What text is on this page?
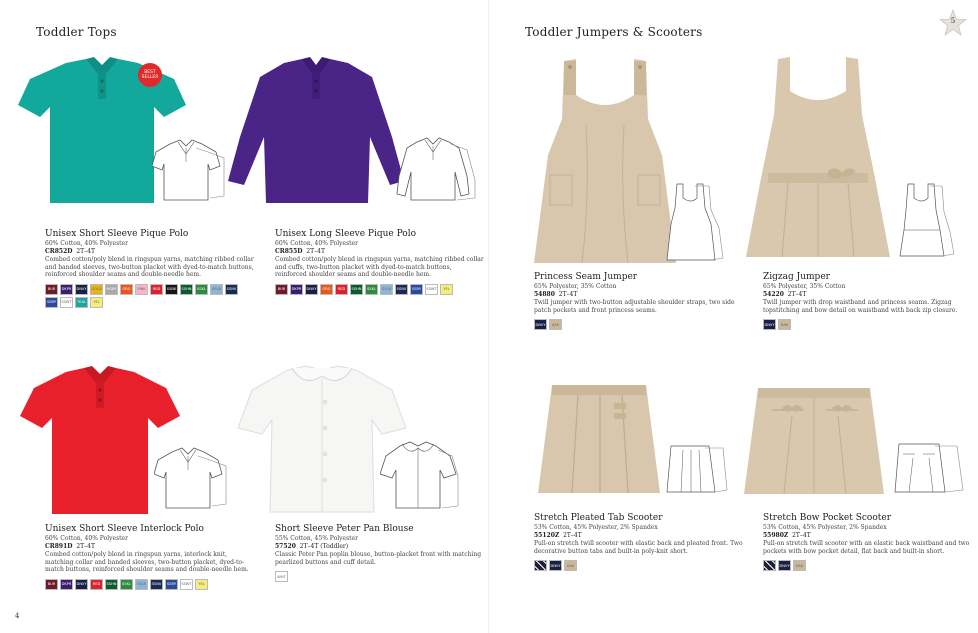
Toddler Tops
4
BEST SELLER
Unisex Short Sleeve Pique Polo
60% Cotton, 40% Polyester
CR852D 2T–4T
Combed cotton/poly blend in ringspun yarns, matching ribbed collar and banded sleeves, two-button placket with dyed-to-match buttons, reinforced shoulder seams and double-needle hem.
BUR	DKPR	DNVY	GOLD	HGRY	ORG	PINK	RED	SSBK	SSHN	SSKL	SSLB	SSNV
SSRY	SSWT	TEAL	YEL
Unisex Long Sleeve Pique Polo
60% Cotton, 40% Polyester
CR855D 2T–4T
Combed cotton/poly blend in ringspun yarns, matching ribbed collar and cuffs, two-button placket with dyed-to-match buttons, reinforced shoulder seams and double-needle hem.
BUR	DKPR	DNVY	ORG	RED	SSHN	SSKL	SSLB	SSNV	SSRY	SSWT	YEL
Unisex Short Sleeve Interlock Polo
60% Cotton, 40% Polyester
CR891D 2T–4T
Combed cotton/poly blend in ringspun yarns, interlock knit, matching collar and banded sleeves, two-button placket, dyed-to-match buttons, reinforced shoulder seams and double-needle hem.
BUR	DKPR	DNVY	RED	SSHN	SSKL	SSLB	SSNV	SSRY	SSWT	YEL
Short Sleeve Peter Pan Blouse
55% Cotton, 45% Polyester
57520 2T–4T (Toddler)
Classic Peter Pan poplin blouse, button-placket front with matching pearlized buttons and cuff detail.
WHT
Toddler Jumpers & Scooters
5
Princess Seam Jumper
65% Polyester, 35% Cotton
54880 2T–4T
Twill jumper with two-button adjustable shoulder straps, two side patch pockets and front princess seams.
DNVY	KAK
Zigzag Jumper
65% Polyester, 35% Cotton
54220 2T–4T
Twill jumper with drop waistband and princess seams. Zigzag topstitching and bow detail on waistband with back zip closure.
DNVY	KAK
Stretch Pleated Tab Scooter
53% Cotton, 45% Polyester, 2% Spandex
55120Z 2T–4T
Pull-on stretch twill scooter with elastic back and pleated front. Two decorative button tabs and built-in poly-knit short.
DNVY	KAK
Stretch Bow Pocket Scooter
53% Cotton, 45% Polyester, 2% Spandex
55980Z 2T–4T
Pull-on stretch twill scooter with an elastic back waistband and two pockets with bow pocket detail, flat back and built-in short.
DNVY	KAK
